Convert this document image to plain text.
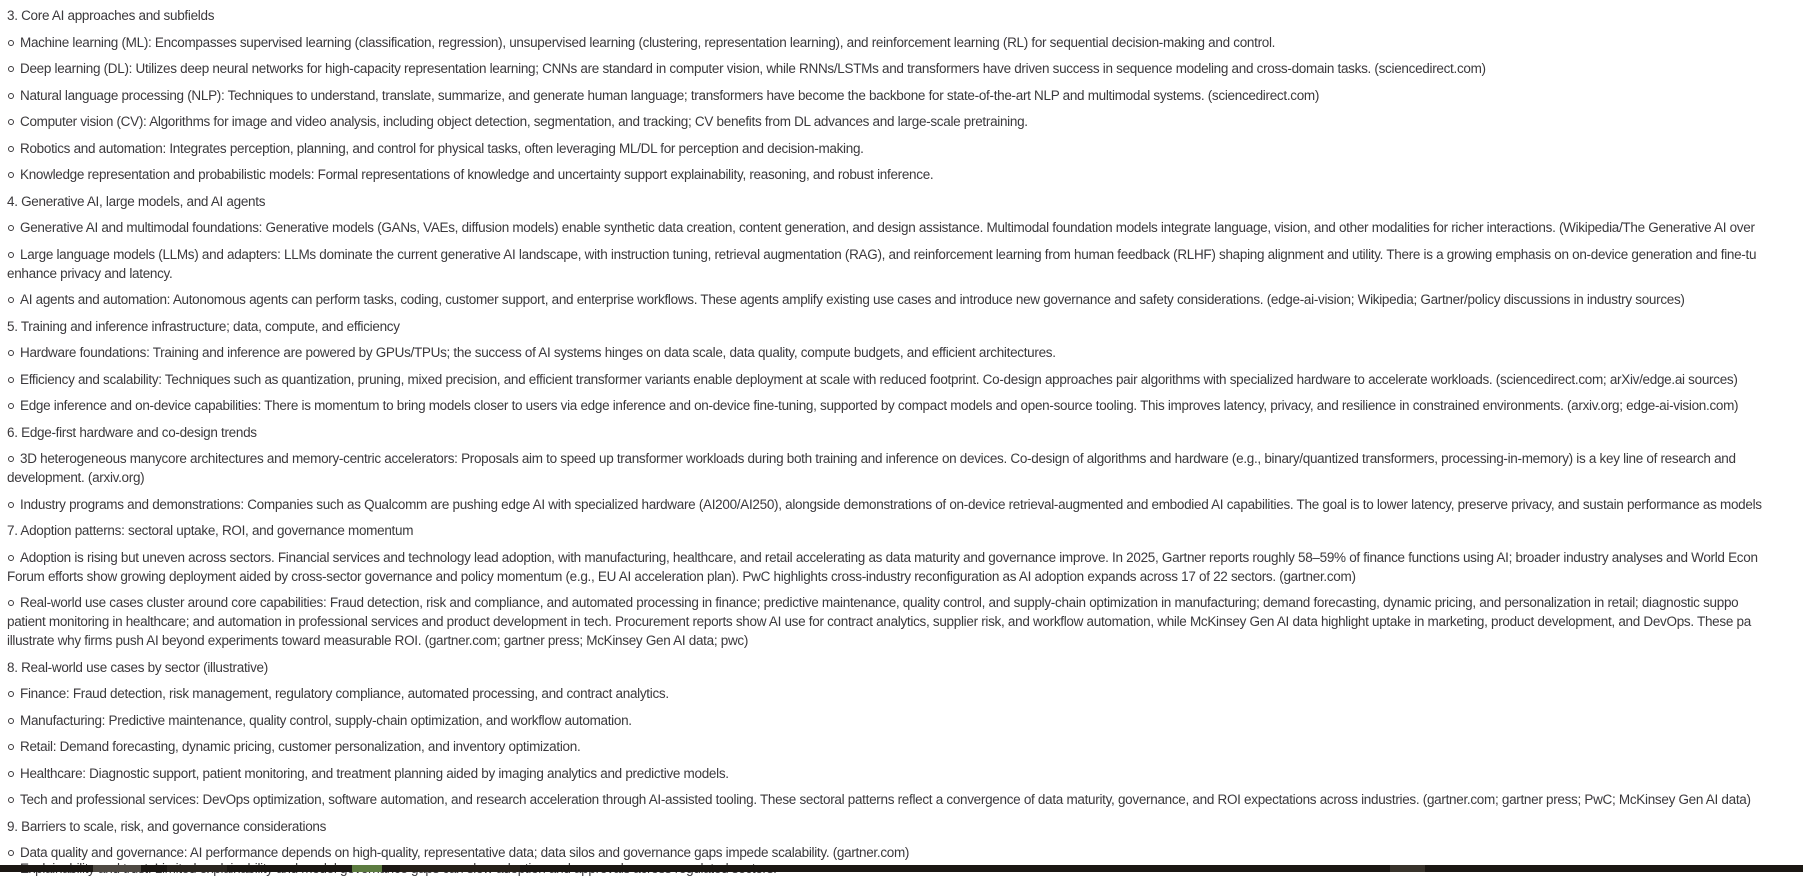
3. Core AI approaches and subfields
Machine learning (ML): Encompasses supervised learning (classification, regression), unsupervised learning (clustering, representation learning), and reinforcement learning (RL) for sequential decision-making and control.
Deep learning (DL): Utilizes deep neural networks for high-capacity representation learning; CNNs are standard in computer vision, while RNNs/LSTMs and transformers have driven success in sequence modeling and cross-domain tasks. (sciencedirect.com)
Natural language processing (NLP): Techniques to understand, translate, summarize, and generate human language; transformers have become the backbone for state-of-the-art NLP and multimodal systems. (sciencedirect.com)
Computer vision (CV): Algorithms for image and video analysis, including object detection, segmentation, and tracking; CV benefits from DL advances and large-scale pretraining.
Robotics and automation: Integrates perception, planning, and control for physical tasks, often leveraging ML/DL for perception and decision-making.
Knowledge representation and probabilistic models: Formal representations of knowledge and uncertainty support explainability, reasoning, and robust inference.
4. Generative AI, large models, and AI agents
Generative AI and multimodal foundations: Generative models (GANs, VAEs, diffusion models) enable synthetic data creation, content generation, and design assistance. Multimodal foundation models integrate language, vision, and other modalities for richer interactions. (Wikipedia/The Generative AI over
Large language models (LLMs) and adapters: LLMs dominate the current generative AI landscape, with instruction tuning, retrieval augmentation (RAG), and reinforcement learning from human feedback (RLHF) shaping alignment and utility. There is a growing emphasis on on-device generation and fine-tu
enhance privacy and latency.
AI agents and automation: Autonomous agents can perform tasks, coding, customer support, and enterprise workflows. These agents amplify existing use cases and introduce new governance and safety considerations. (edge-ai-vision; Wikipedia; Gartner/policy discussions in industry sources)
5. Training and inference infrastructure; data, compute, and efficiency
Hardware foundations: Training and inference are powered by GPUs/TPUs; the success of AI systems hinges on data scale, data quality, compute budgets, and efficient architectures.
Efficiency and scalability: Techniques such as quantization, pruning, mixed precision, and efficient transformer variants enable deployment at scale with reduced footprint. Co-design approaches pair algorithms with specialized hardware to accelerate workloads. (sciencedirect.com; arXiv/edge.ai sources)
Edge inference and on-device capabilities: There is momentum to bring models closer to users via edge inference and on-device fine-tuning, supported by compact models and open-source tooling. This improves latency, privacy, and resilience in constrained environments. (arxiv.org; edge-ai-vision.com)
6. Edge-first hardware and co-design trends
3D heterogeneous manycore architectures and memory-centric accelerators: Proposals aim to speed up transformer workloads during both training and inference on devices. Co-design of algorithms and hardware (e.g., binary/quantized transformers, processing-in-memory) is a key line of research and
development. (arxiv.org)
Industry programs and demonstrations: Companies such as Qualcomm are pushing edge AI with specialized hardware (AI200/AI250), alongside demonstrations of on-device retrieval-augmented and embodied AI capabilities. The goal is to lower latency, preserve privacy, and sustain performance as models
7. Adoption patterns: sectoral uptake, ROI, and governance momentum
Adoption is rising but uneven across sectors. Financial services and technology lead adoption, with manufacturing, healthcare, and retail accelerating as data maturity and governance improve. In 2025, Gartner reports roughly 58–59% of finance functions using AI; broader industry analyses and World Econ
Forum efforts show growing deployment aided by cross-sector governance and policy momentum (e.g., EU AI acceleration plan). PwC highlights cross-industry reconfiguration as AI adoption expands across 17 of 22 sectors. (gartner.com)
Real-world use cases cluster around core capabilities: Fraud detection, risk and compliance, and automated processing in finance; predictive maintenance, quality control, and supply-chain optimization in manufacturing; demand forecasting, dynamic pricing, and personalization in retail; diagnostic suppo
patient monitoring in healthcare; and automation in professional services and product development in tech. Procurement reports show AI use for contract analytics, supplier risk, and workflow automation, while McKinsey Gen AI data highlight uptake in marketing, product development, and DevOps. These pa
illustrate why firms push AI beyond experiments toward measurable ROI. (gartner.com; gartner press; McKinsey Gen AI data; pwc)
8. Real-world use cases by sector (illustrative)
Finance: Fraud detection, risk management, regulatory compliance, automated processing, and contract analytics.
Manufacturing: Predictive maintenance, quality control, supply-chain optimization, and workflow automation.
Retail: Demand forecasting, dynamic pricing, customer personalization, and inventory optimization.
Healthcare: Diagnostic support, patient monitoring, and treatment planning aided by imaging analytics and predictive models.
Tech and professional services: DevOps optimization, software automation, and research acceleration through AI-assisted tooling. These sectoral patterns reflect a convergence of data maturity, governance, and ROI expectations across industries. (gartner.com; gartner press; PwC; McKinsey Gen AI data)
9. Barriers to scale, risk, and governance considerations
Data quality and governance: AI performance depends on high-quality, representative data; data silos and governance gaps impede scalability. (gartner.com)
